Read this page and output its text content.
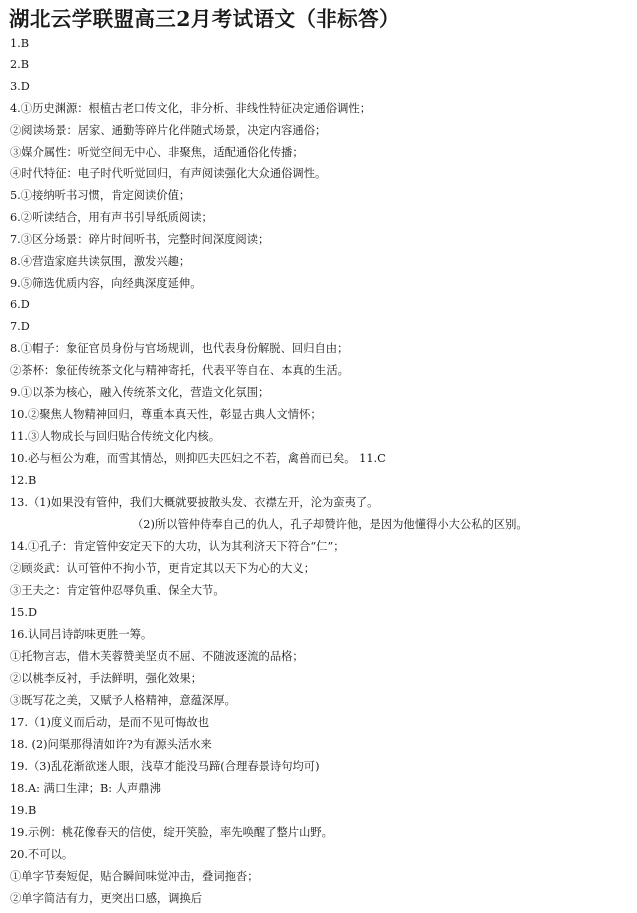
湖北云学联盟高三2月考试语文（非标答）
1.B
2.B
3.D
4.①历史渊源：根植古老口传文化，非分析、非线性特征决定通俗调性；
②阅读场景：居家、通勤等碎片化伴随式场景，决定内容通俗；
③媒介属性：听觉空间无中心、非聚焦，适配通俗化传播；
④时代特征：电子时代听觉回归，有声阅读强化大众通俗调性。
5.①接纳听书习惯，肯定阅读价值；
6.②听读结合，用有声书引导纸质阅读；
7.③区分场景：碎片时间听书，完整时间深度阅读；
8.④营造家庭共读氛围，激发兴趣；
9.⑤筛选优质内容，向经典深度延伸。
6.D
7.D
8.①帽子：象征官员身份与官场规训，也代表身份解脱、回归自由；
②茶杯：象征传统茶文化与精神寄托，代表平等自在、本真的生活。
9.①以茶为核心，融入传统茶文化，营造文化氛围；
10.②聚焦人物精神回归，尊重本真天性，彰显古典人文情怀；
11.③人物成长与回归贴合传统文化内核。
10.必与桓公为难，而雪其情怂，则抑匹夫匹妇之不若，禽兽而已矣。 11.C
12.B
13.（1)如果没有管仲，我们大概就要披散头发、衣襟左开，沦为蛮夷了。
（2)所以管仲侍奉自己的仇人，孔子却赞许他，是因为他懂得小大公私的区别。
14.①孔子：肯定管仲安定天下的大功，认为其利济天下符合“仁”；
②顾炎武：认可管仲不拘小节，更肯定其以天下为心的大义；
③王夫之：肯定管仲忍辱负重、保全大节。
15.D
16.认同吕诗韵味更胜一筹。
①托物言志，借木芙蓉赞美坚贞不屈、不随波逐流的品格；
②以桃李反衬，手法鲜明，强化效果；
③既写花之美，又赋予人格精神，意蕴深厚。
17.（1)度义而后动，是而不见可悔故也
18. (2)问渠那得清如许?为有源头活水来
19.（3)乱花渐欲迷人眼，浅草才能没马蹄(合理春景诗句均可)
18.A: 满口生津；B: 人声鼎沸
19.B
19.示例：桃花像春天的信使，绽开笑脸，率先唤醒了整片山野。
20.不可以。
①单字节奏短促，贴合瞬间味觉冲击，叠词拖沓；
②单字简洁有力，更突出口感，调换后
